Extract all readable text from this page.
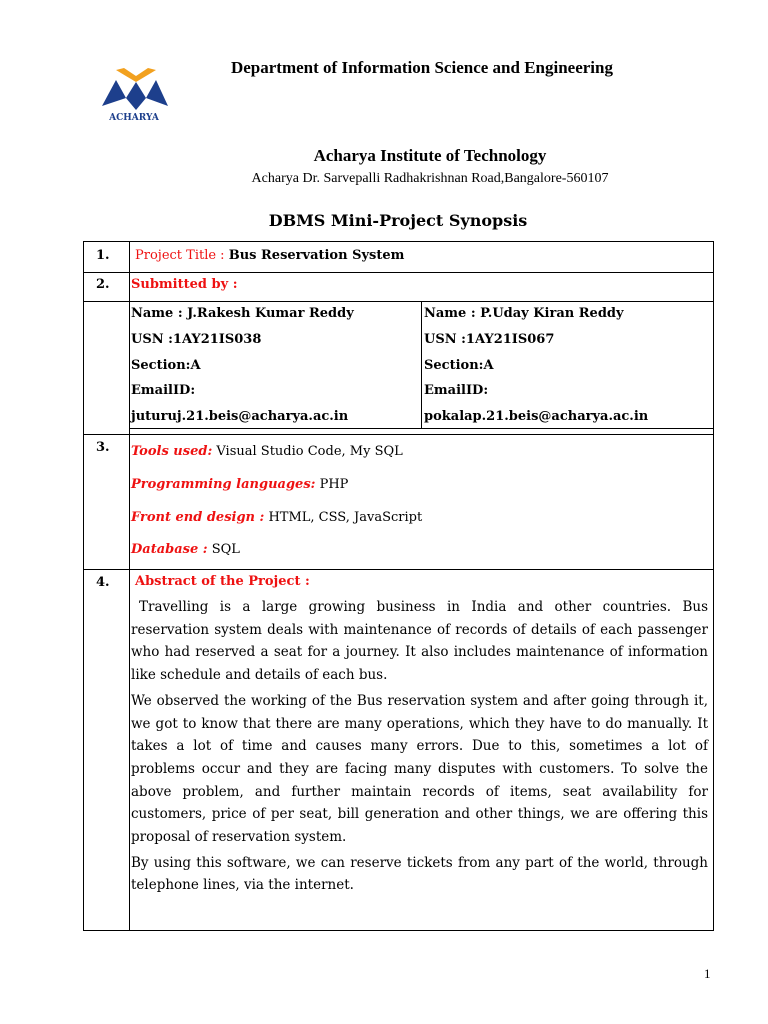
ACHARYA
Department of Information Science and Engineering
Acharya Institute of Technology
Acharya Dr. Sarvepalli Radhakrishnan Road,Bangalore-560107
DBMS Mini-Project Synopsis
1. Project Title : Bus Reservation System
2. Submitted by :
Name : J.Rakesh Kumar Reddy
USN :1AY21IS038
Section:A
EmailID:
juturuj.21.beis@acharya.ac.in
Name : P.Uday Kiran Reddy
USN :1AY21IS067
Section:A
EmailID:
pokalap.21.beis@acharya.ac.in
3. Tools used: Visual Studio Code, My SQL
Programming languages: PHP
Front end design : HTML, CSS, JavaScript
Database : SQL
4. Abstract of the Project :

Travelling is a large growing business in India and other countries. Bus reservation system deals with maintenance of records of details of each passenger who had reserved a seat for a journey. It also includes maintenance of information like schedule and details of each bus.

We observed the working of the Bus reservation system and after going through it, we got to know that there are many operations, which they have to do manually. It takes a lot of time and causes many errors. Due to this, sometimes a lot of problems occur and they are facing many disputes with customers. To solve the above problem, and further maintain records of items, seat availability for customers, price of per seat, bill generation and other things, we are offering this proposal of reservation system.

By using this software, we can reserve tickets from any part of the world, through telephone lines, via the internet.

1
